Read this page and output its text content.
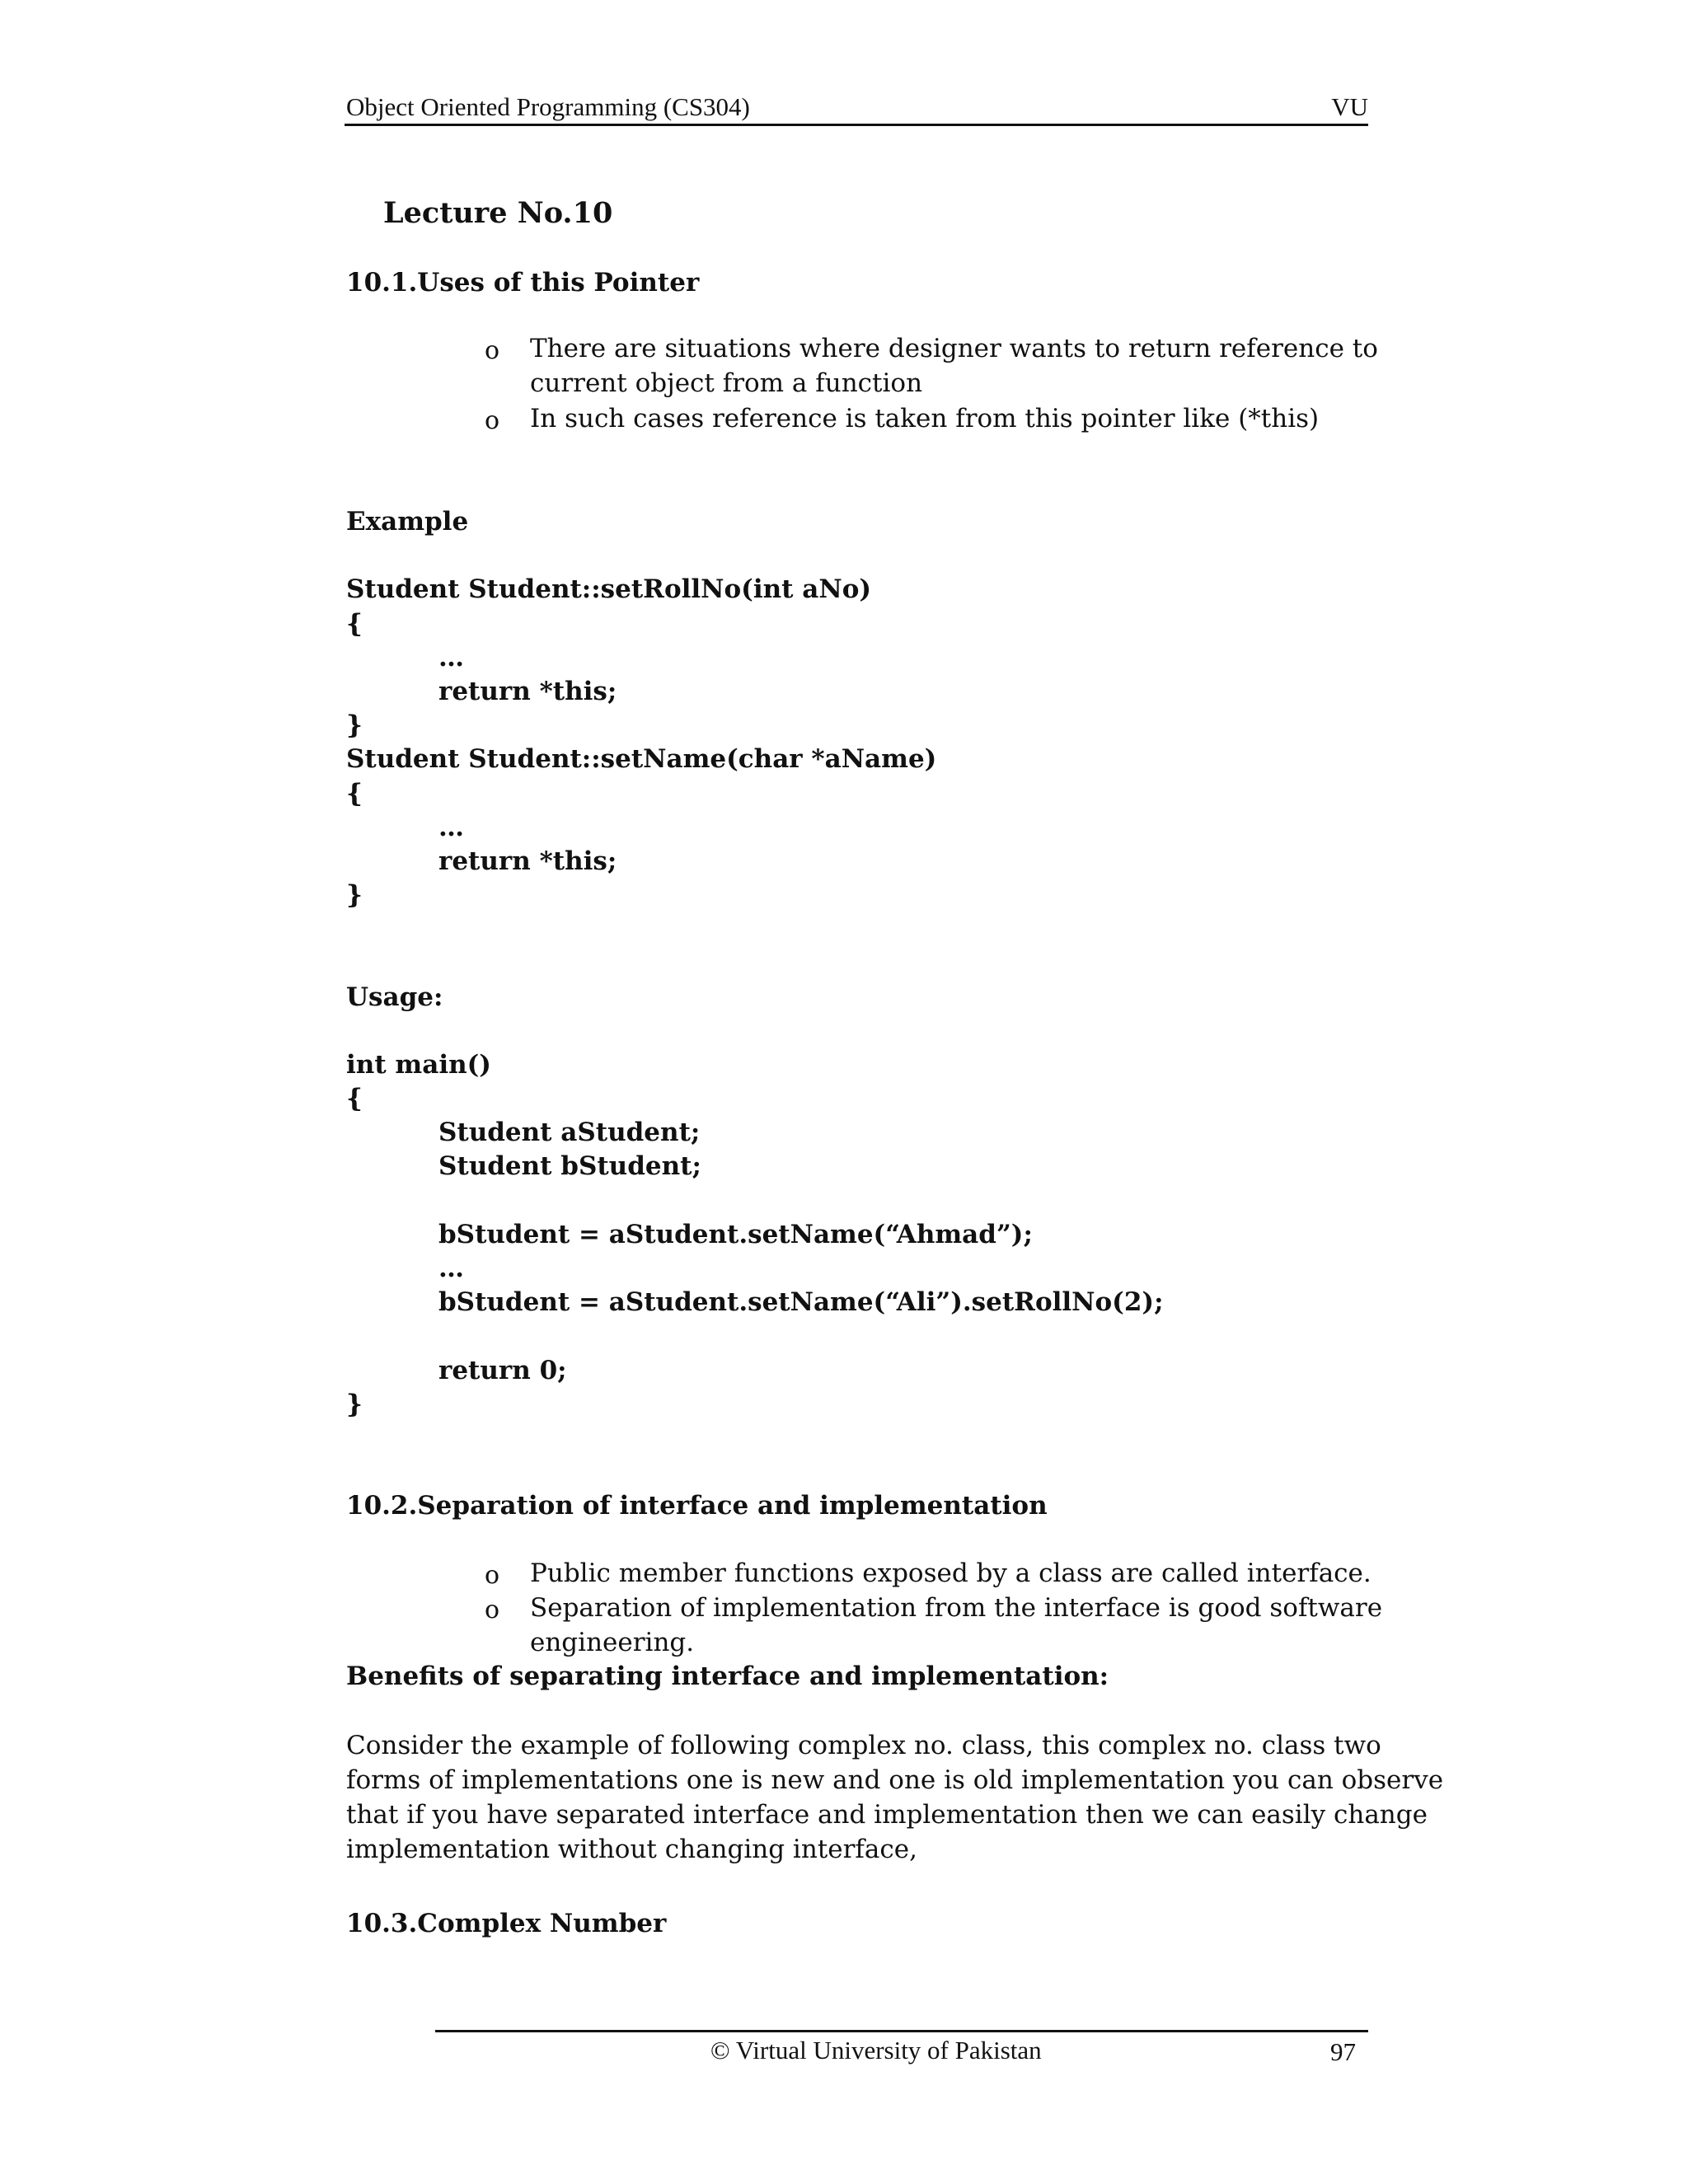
Object Oriented Programming (CS304)	VU
Lecture No.10
10.1.Uses of this Pointer
o There are situations where designer wants to return reference to
current object from a function
o In such cases reference is taken from this pointer like (*this)
Example
Student Student::setRollNo(int aNo)
{
…
return *this;
}
Student Student::setName(char *aName)
{
…
return *this;
}
Usage:
int main()
{
Student aStudent;
Student bStudent;
bStudent = aStudent.setName(“Ahmad”);
…
bStudent = aStudent.setName(“Ali”).setRollNo(2);
return 0;
}
10.2.Separation of interface and implementation
o Public member functions exposed by a class are called interface.
o Separation of implementation from the interface is good software
engineering.
Benefits of separating interface and implementation:
Consider the example of following complex no. class, this complex no. class two
forms of implementations one is new and one is old implementation you can observe
that if you have separated interface and implementation then we can easily change
implementation without changing interface,
10.3.Complex Number
© Virtual University of Pakistan	97
